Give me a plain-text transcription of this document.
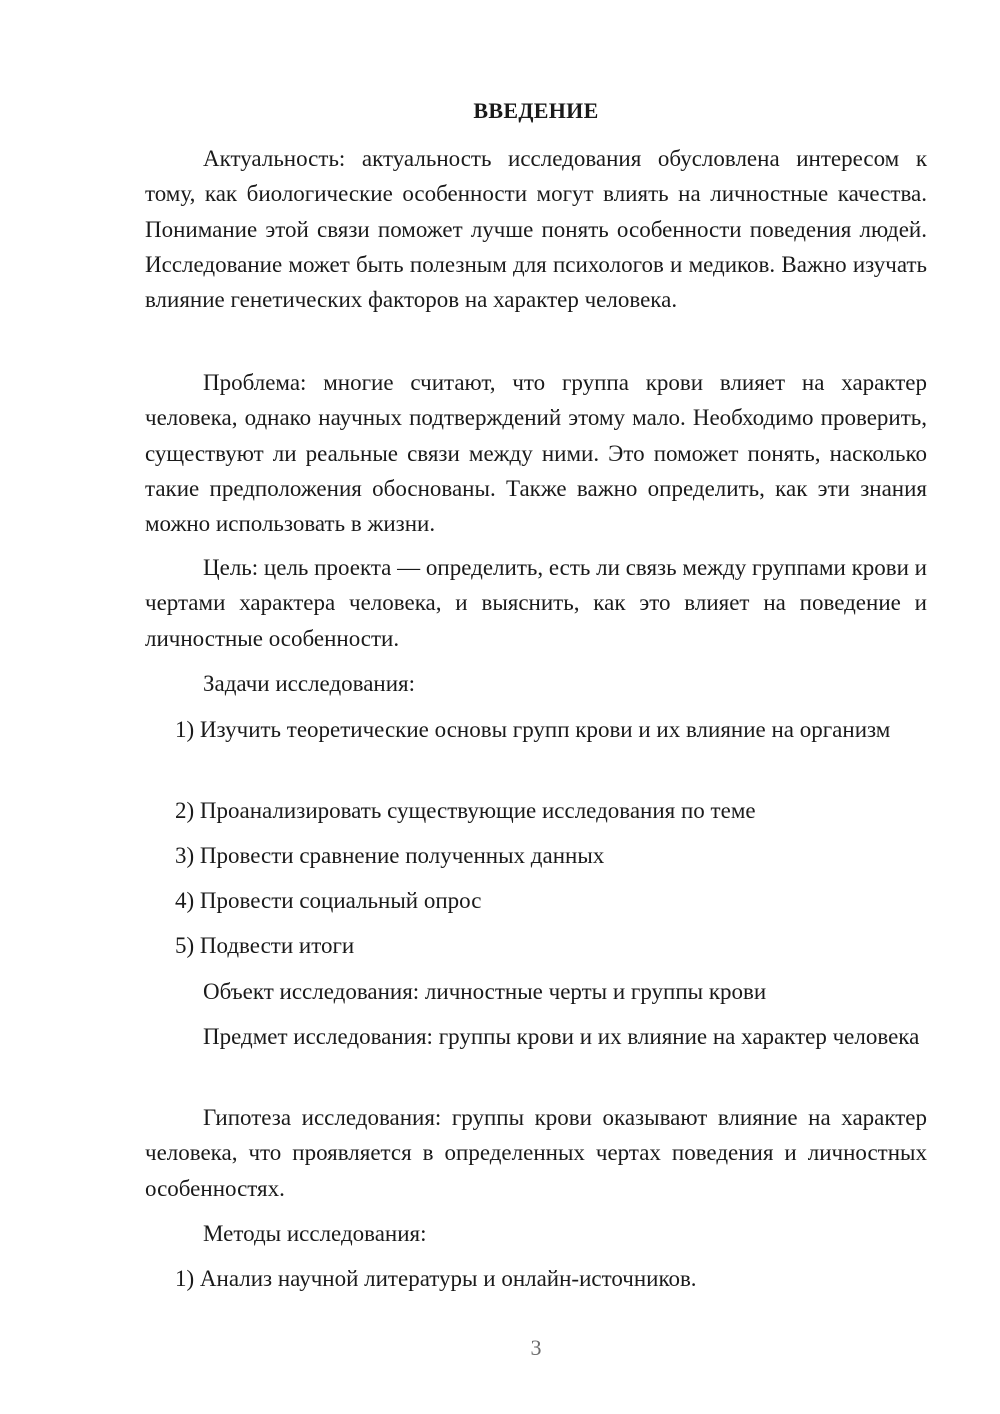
ВВЕДЕНИЕ

Актуальность: актуальность исследования обусловлена интересом к тому, как биологические особенности могут влиять на личностные качества. Понимание этой связи поможет лучше понять особенности поведения людей. Исследование может быть полезным для психологов и медиков. Важно изучать влияние генетических факторов на характер человека.

Проблема: многие считают, что группа крови влияет на характер человека, однако научных подтверждений этому мало. Необходимо проверить, существуют ли реальные связи между ними. Это поможет понять, насколько такие предположения обоснованы. Также важно определить, как эти знания можно использовать в жизни.

Цель: цель проекта — определить, есть ли связь между группами крови и чертами характера человека, и выяснить, как это влияет на поведение и личностные особенности.

Задачи исследования:

1) Изучить теоретические основы групп крови и их влияние на организм

2) Проанализировать существующие исследования по теме

3) Провести сравнение полученных данных

4) Провести социальный опрос

5) Подвести итоги

Объект исследования: личностные черты и группы крови

Предмет исследования: группы крови и их влияние на характер человека

Гипотеза исследования: группы крови оказывают влияние на характер человека, что проявляется в определенных чертах поведения и личностных особенностях.

Методы исследования:

1) Анализ научной литературы и онлайн-источников.

3
